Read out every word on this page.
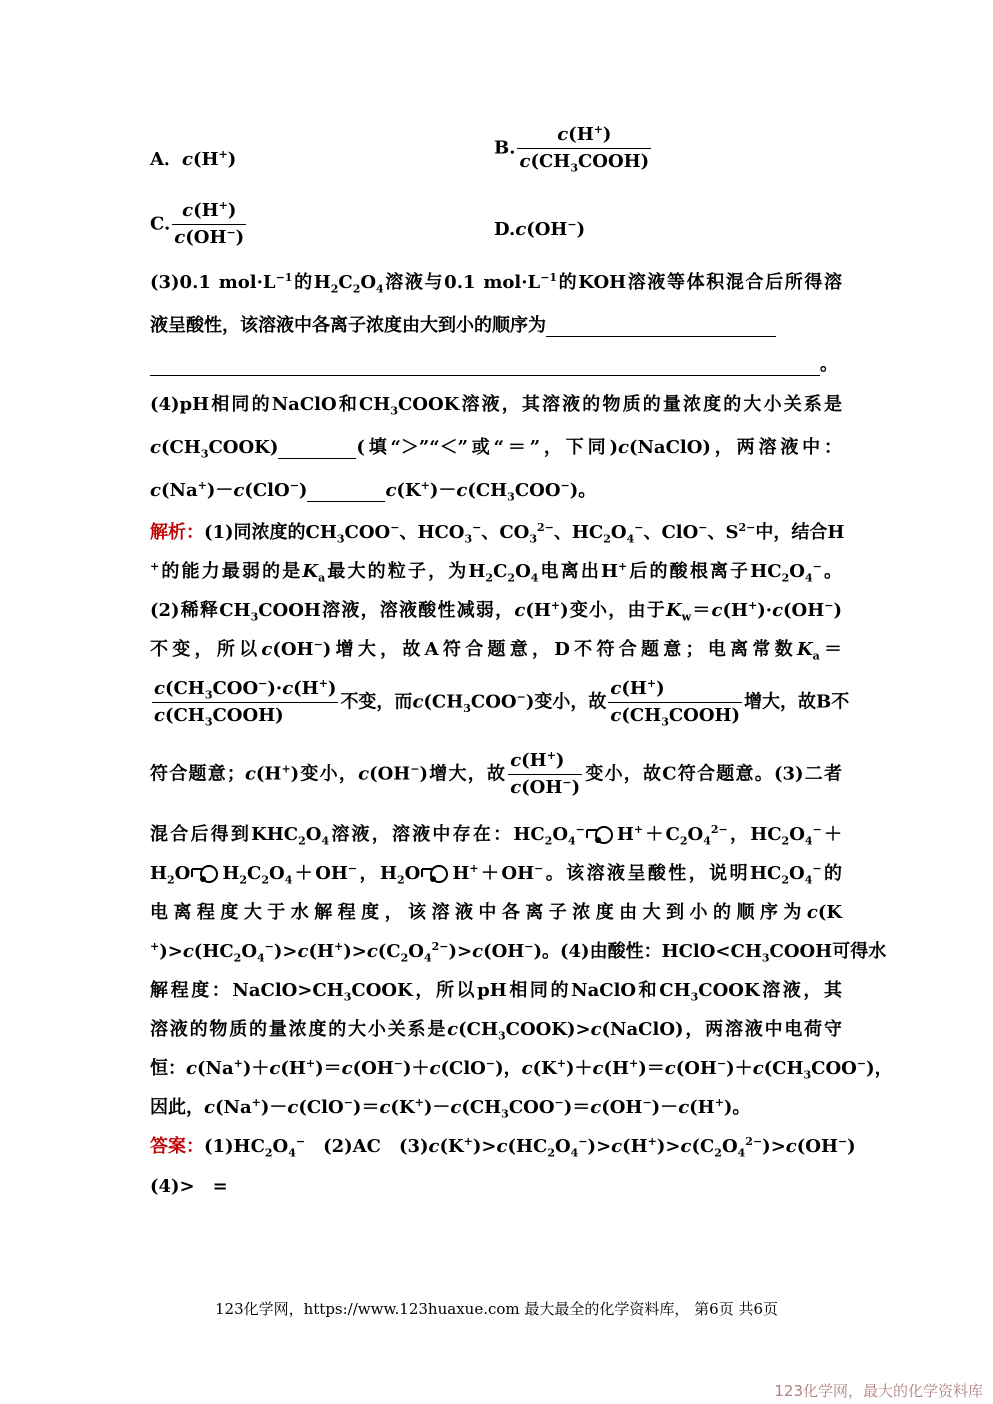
A．c(H+)
B. $\frac{c(H^+)}{c(CH_3COOH)}$
C. $\frac{c(H^+)}{c(OH^-)}$	D.c(OH−)
(3)0.1 $mol\cdot L^{-1}$的$H_2C_2O_4$溶液与0.1 $mol\cdot L^{-1}$的KOH溶液等体积混合后所得溶
液呈酸性，该溶液中各离子浓度由大到小的顺序为
。
(4)pH相同的NaClO和$CH_3COOK$溶液，其溶液的物质的量浓度的大小关系是
$c(CH_3COOK)$	(填“＞”“＜”或“＝”，下同)c(NaClO)，两溶液中：
c(Na+)－c(ClO−)	$c(K^+)-c(CH_3COO^-)$。
解析：(1)同浓度的$CH_3COO^-$、$HCO_3^-$、$CO_3^{2-}$、$HC_2O_4^-$、ClO−、$S^{2-}$中，结合H
+的能力最弱的是$K_a$最大的粒子，为$H_2C_2O_4$电离出H+后的酸根离子$HC_2O_4^-$。
(2)稀释$CH_3COOH$溶液，溶液酸性减弱，c(H+)变小，由于$K_w=c(H^+)\cdot c(OH^-)$
不变，所以c(OH−)增大，故A符合题意，D不符合题意；电离常数$K_a=$
$\frac{c(CH_3COO^-)\cdot c(H^+)}{c(CH_3COOH)}$ 不变，而$c(CH_3COO^-)$变小，故 $\frac{c(H^+)}{c(CH_3COOH)}$ 增大，故B不
符合题意；c(H+)变小，c(OH−)增大，故 $\frac{c(H^+)}{c(OH^-)}$ 变小，故C符合题意。(3)二者
混合后得到$KHC_2O_4$溶液，溶液中存在：$HC_2O_4^-$ $H^++C_2O_4^{2-}$，$HC_2O_4^-+$
$H_2O$ $H_2C_2O_4+OH^-$，$H_2O$ H+＋OH−。该溶液呈酸性，说明$HC_2O_4^-$的
电离程度大于水解程度，该溶液中各离子浓度由大到小的顺序为c(K
$^+)>c(HC_2O_4^-)>c(H^+)>c(C_2O_4^{2-})>c(OH^-)$。(4)由酸性：$HClO<CH_3COOH$可得水
解程度：$NaClO>CH_3COOK$，所以pH相同的NaClO和$CH_3COOK$溶液，其
溶液的物质的量浓度的大小关系是$c(CH_3COOK)>c(NaClO)$，两溶液中电荷守
恒：c(Na+)＋c(H+)＝c(OH−)＋c(ClO−)，$c(K^+)+c(H^+)=c(OH^-)+c(CH_3COO^-)$，
因此，$c(Na^+)-c(ClO^-)=c(K^+)-c(CH_3COO^-)=c(OH^-)-c(H^+)$。
答案：$(1)HC_2O_4^-$　 (2)AC　$(3)c(K^+)>c(HC_2O_4^-)>c(H^+)>c(C_2O_4^{2-})>c(OH^-)$
(4)>　=
123化学网，https://www.123huaxue.com 最大最全的化学资料库， 第6页 共6页
123化学网，最大的化学资料库
